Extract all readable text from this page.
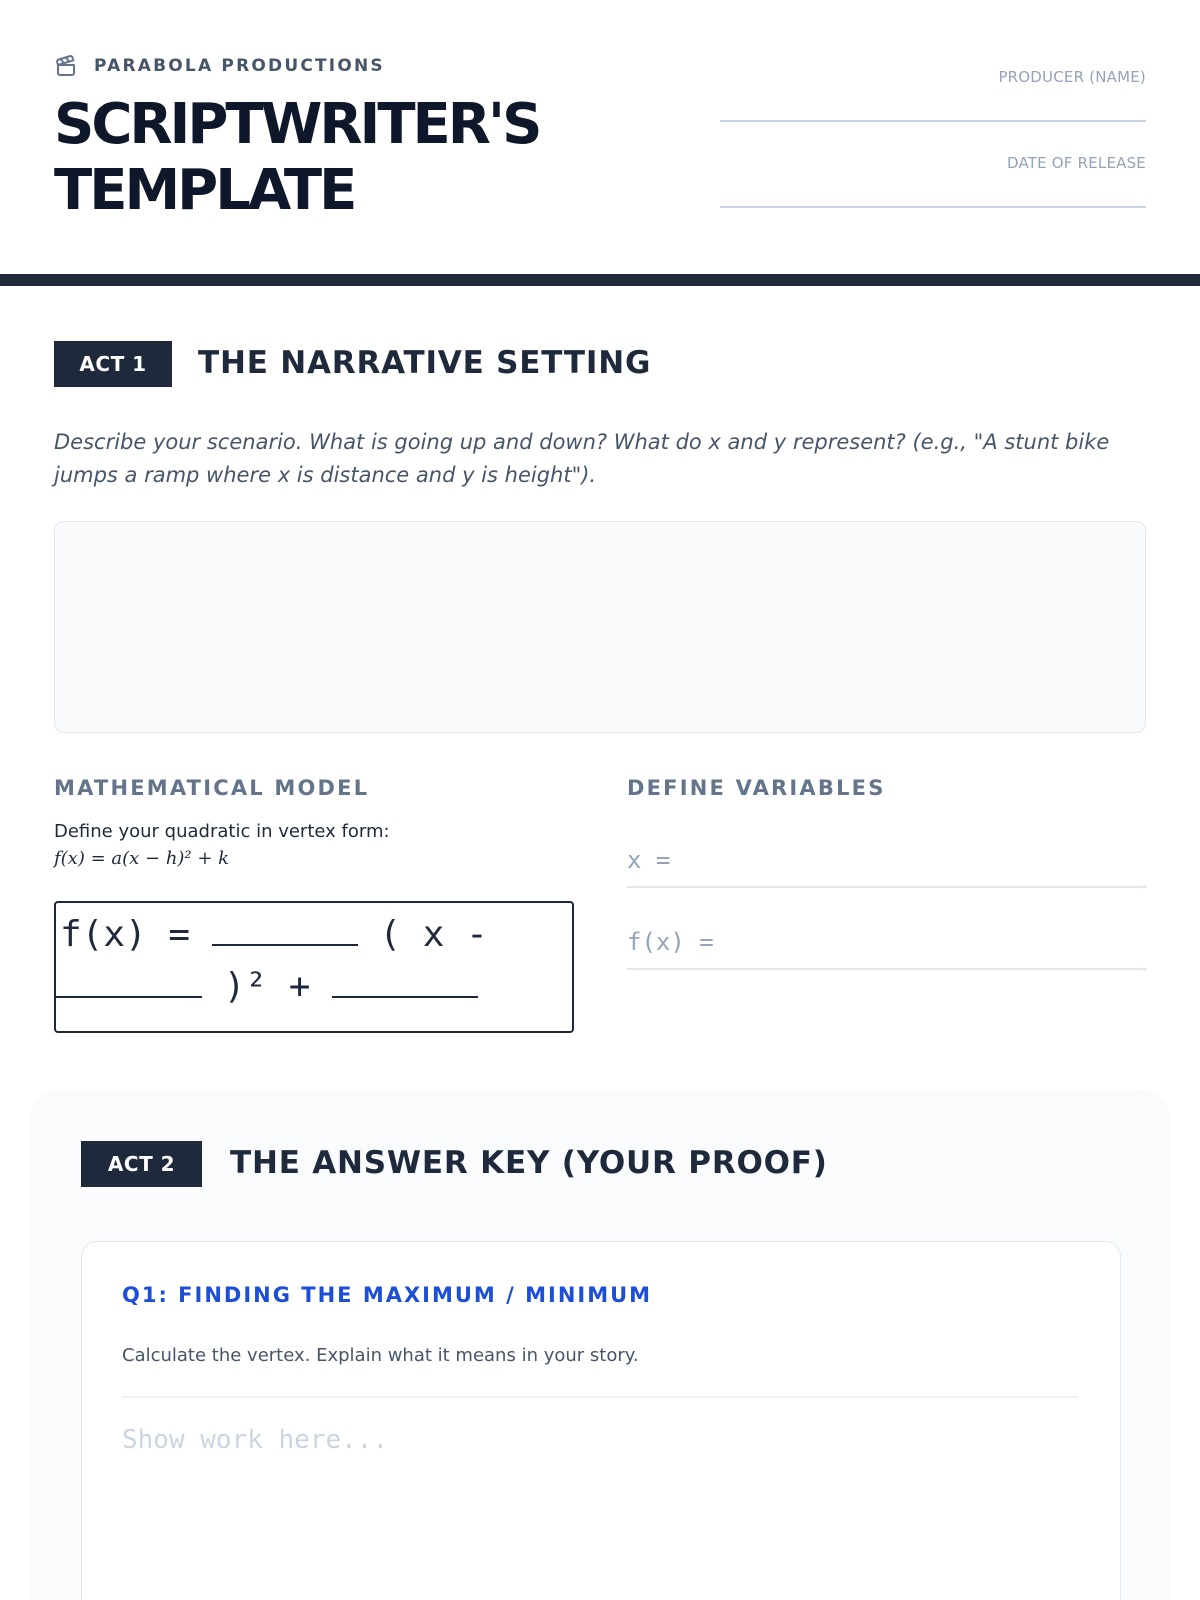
PARABOLA PRODUCTIONS
SCRIPTWRITER'S
TEMPLATE
PRODUCER (NAME)
DATE OF RELEASE
ACT 1	THE NARRATIVE SETTING
Describe your scenario. What is going up and down? What do x and y represent? (e.g., "A stunt bike jumps a ramp where x is distance and y is height").
MATHEMATICAL MODEL
Define your quadratic in vertex form:
f(x) = a(x − h)² + k
f(x) =	( x -
)² +
DEFINE VARIABLES
x =
f(x) =
ACT 2	THE ANSWER KEY (YOUR PROOF)
Q1: FINDING THE MAXIMUM / MINIMUM
Calculate the vertex. Explain what it means in your story.
Show work here...
